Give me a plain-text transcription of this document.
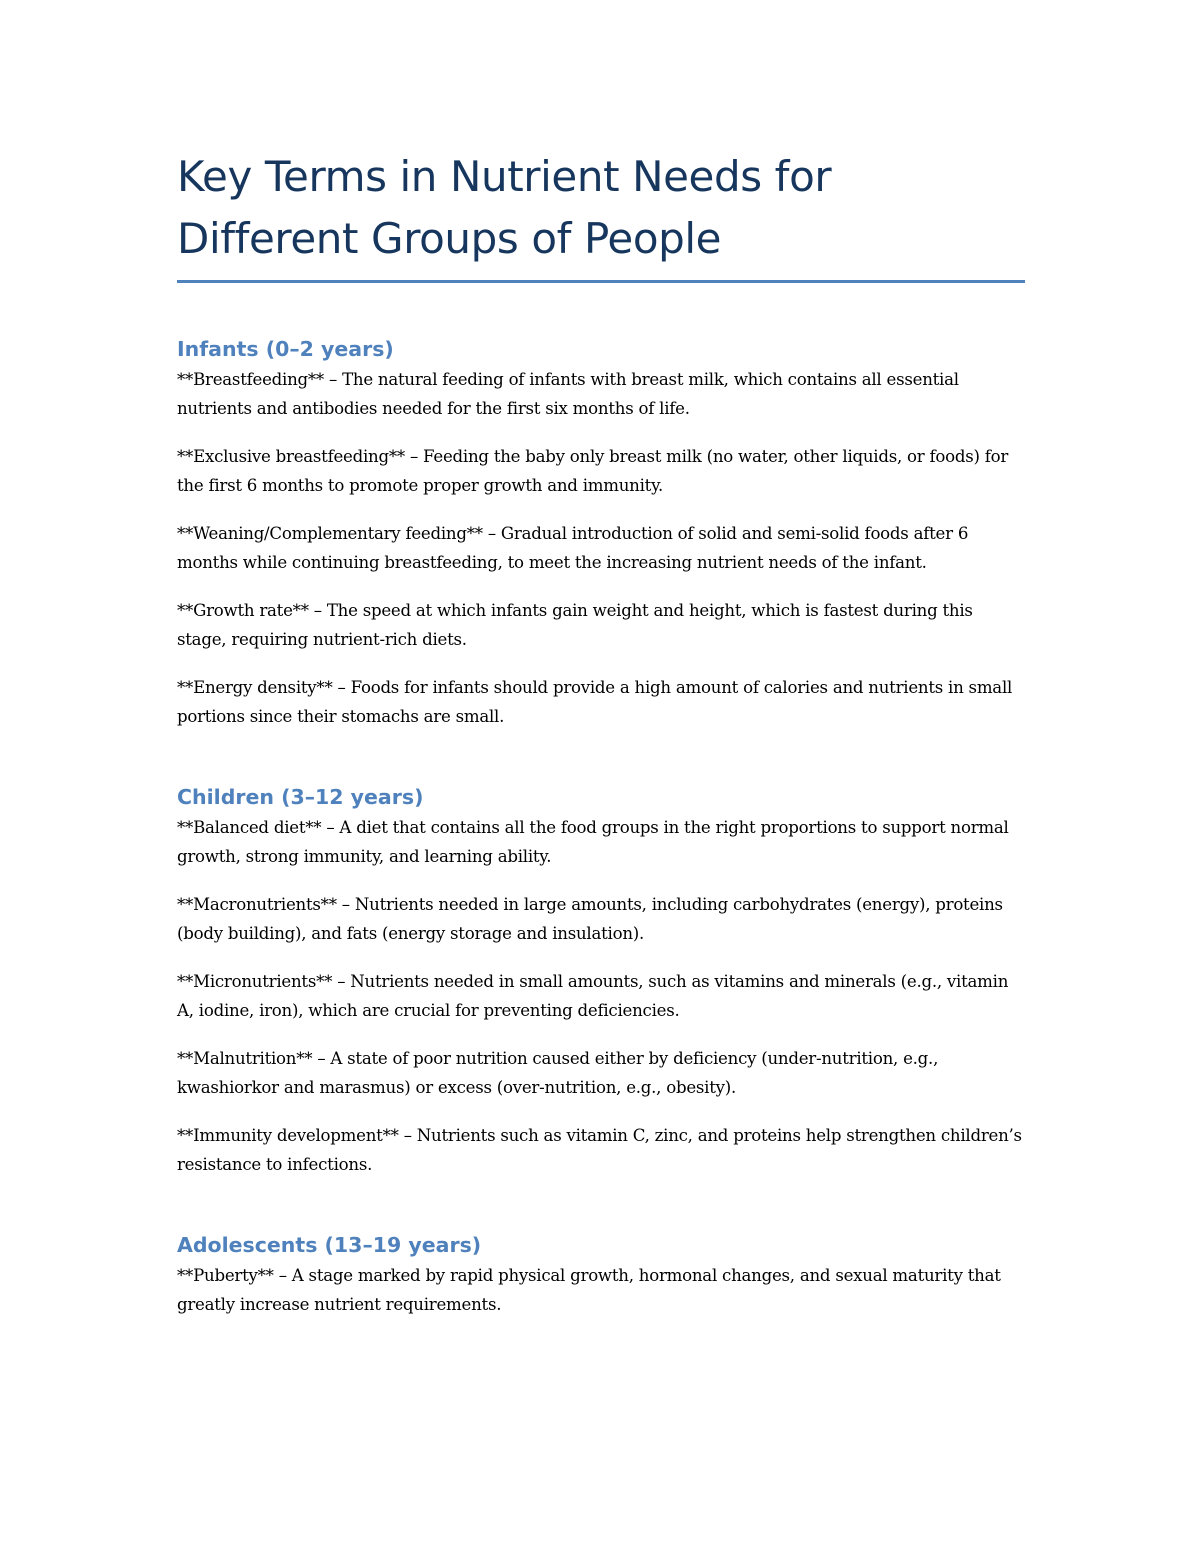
Key Terms in Nutrient Needs for Different Groups of People
Infants (0–2 years)

**Breastfeeding** – The natural feeding of infants with breast milk, which contains all essential nutrients and antibodies needed for the first six months of life.

**Exclusive breastfeeding** – Feeding the baby only breast milk (no water, other liquids, or foods) for the first 6 months to promote proper growth and immunity.

**Weaning/Complementary feeding** – Gradual introduction of solid and semi-solid foods after 6 months while continuing breastfeeding, to meet the increasing nutrient needs of the infant.

**Growth rate** – The speed at which infants gain weight and height, which is fastest during this stage, requiring nutrient-rich diets.

**Energy density** – Foods for infants should provide a high amount of calories and nutrients in small portions since their stomachs are small.

Children (3–12 years)

**Balanced diet** – A diet that contains all the food groups in the right proportions to support normal growth, strong immunity, and learning ability.

**Macronutrients** – Nutrients needed in large amounts, including carbohydrates (energy), proteins (body building), and fats (energy storage and insulation).

**Micronutrients** – Nutrients needed in small amounts, such as vitamins and minerals (e.g., vitamin A, iodine, iron), which are crucial for preventing deficiencies.

**Malnutrition** – A state of poor nutrition caused either by deficiency (under-nutrition, e.g., kwashiorkor and marasmus) or excess (over-nutrition, e.g., obesity).

**Immunity development** – Nutrients such as vitamin C, zinc, and proteins help strengthen children’s resistance to infections.

Adolescents (13–19 years)

**Puberty** – A stage marked by rapid physical growth, hormonal changes, and sexual maturity that greatly increase nutrient requirements.
